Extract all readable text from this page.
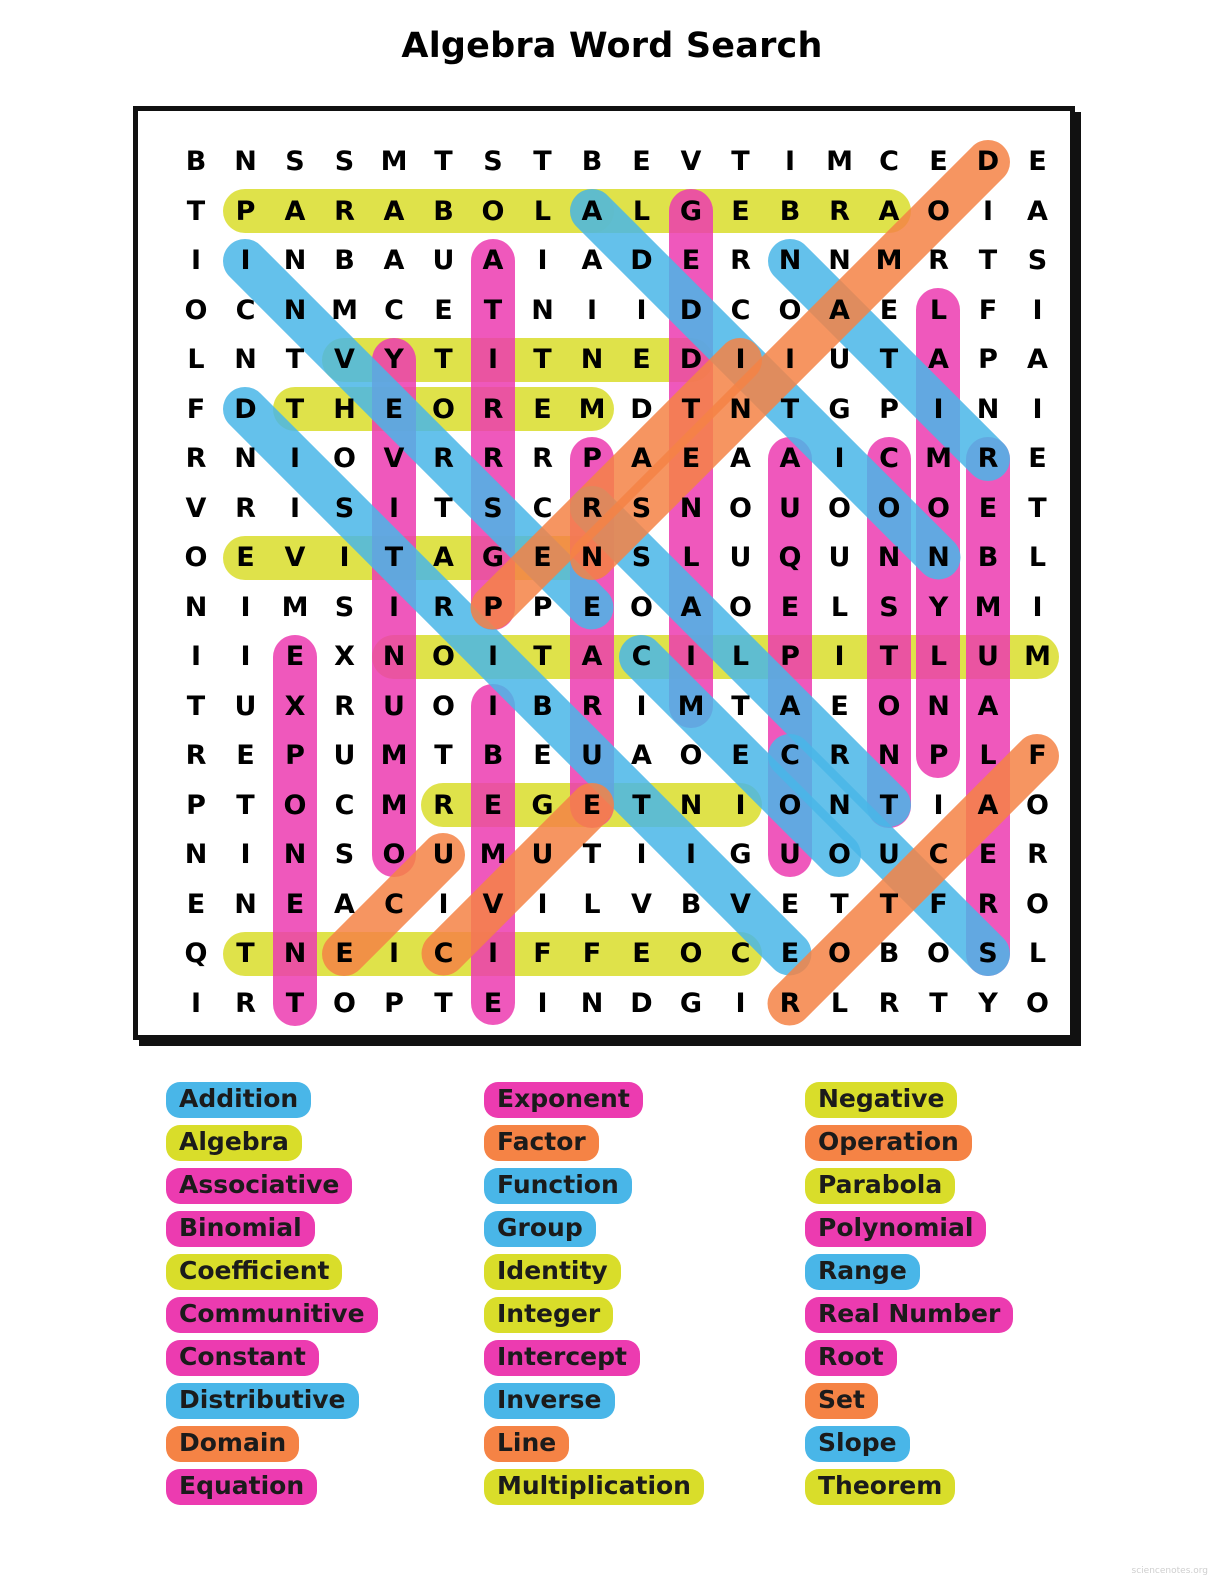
Algebra Word Search
B	N	S	S M T	S	T	B	E	V	T	I	M C	E	D	E
T	P	A	R	A	B	O	L	A	L	G	E	B	R	A	O	I	A
I	I	N	B	A	U	A	I	A	D	E	R	N N M R	T	S
O	C	N M C	E	T	N	I	I	D	C	O	A	E	L	F	I
L	N	T	V	Y	T	I	T	N	E	D	I	I	U	T	A	P	A
F	D	T	H	E	O	R	E M D	T	N	T	G	P	I	N	I
R	N	I	O	V	R	R	R	P	A	E	A	A	I	C M R	E
V	R	I	S	I	T	S	C	R	S	N O	U	O O O	E	T
O	E	V	I	T	A	G	E	N	S	L	U	Q	U	N N	B	L
N	I	M S	I	R	P	P	E	O	A	O	E	L	S	Y M	I
I	I	E	X	N O	I	T	A	C	I	L	P	I	T	L	U M
T	U	X	R	U	O	I	B	R	I	M T	A	E	O N	A
R	E	P	U M T	B	E	U	A	O	E	C	R	N	P	L	F
P	T	O	C M R	E	G	E	T	N	I	O N	T	I	A	O
N	I	N	S	O	U M U	T	I	I	G	U	O	U	C	E	R
E	N	E	A	C	I	V	I	L	V	B	V	E	T	T	F	R	O
Q	T	N	E	I	C	I	F	F	E	O	C	E	O	B	O	S	L
I	R	T	O	P	T	E	I	N D	G	I	R	L	R	T	Y	O
Addition
Algebra
Associative
Binomial
Coefficient
Communitive
Constant
Distributive
Domain
Equation
Exponent
Factor
Function
Group
Identity
Integer
Intercept
Inverse
Line
Multiplication
Negative
Operation
Parabola
Polynomial
Range
Real Number
Root
Set
Slope
Theorem
sciencenotes.org
